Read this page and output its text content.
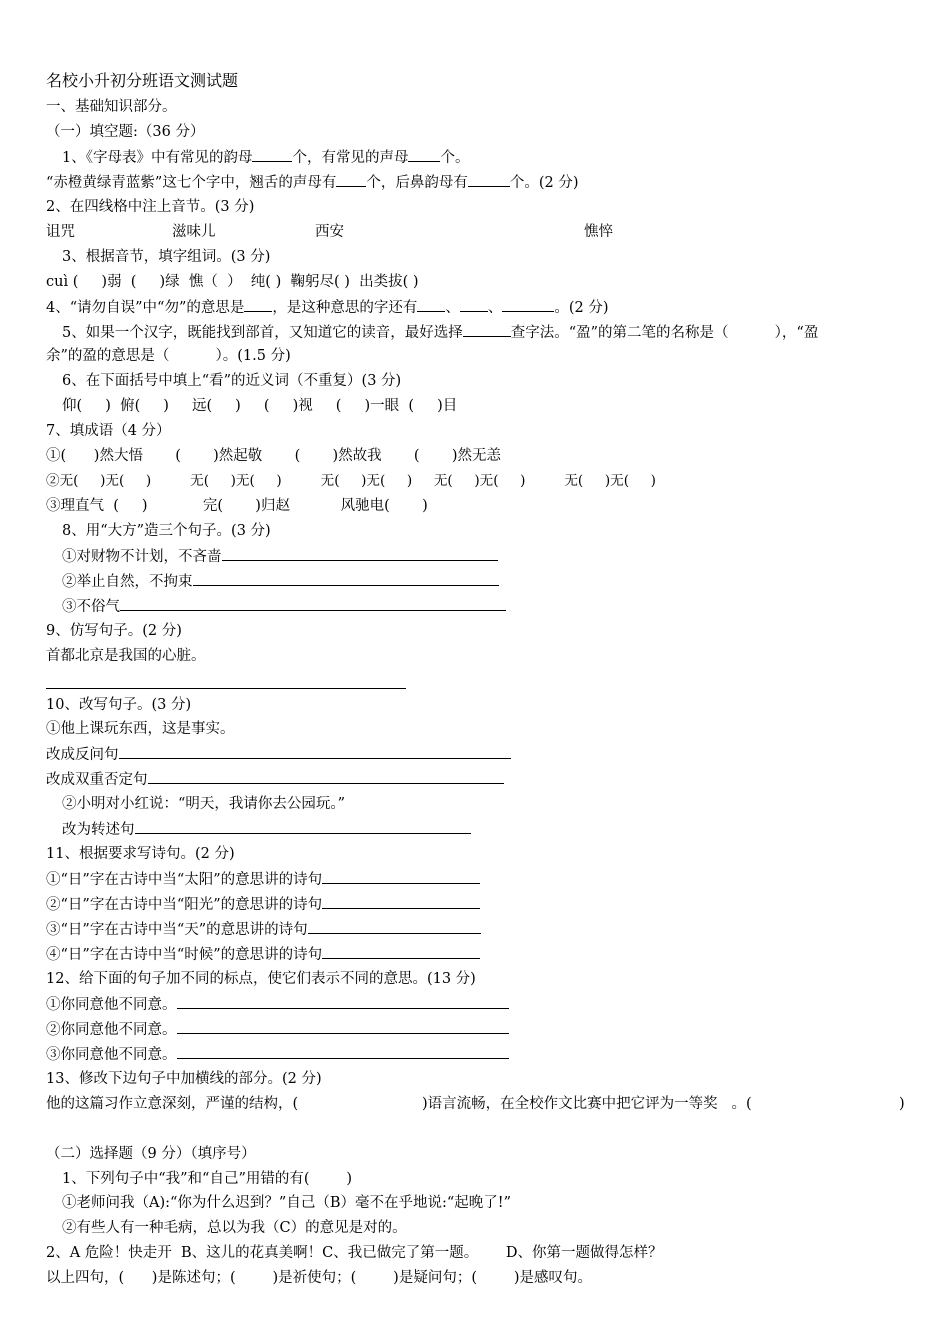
名校小升初分班语文测试题
一、基础知识部分。
（一）填空题:（36 分）
1、《字母表》中有常见的韵母	个，有常见的声母 个。
“赤橙黄绿青蓝紫”这七个字中，翘舌的声母有 个，后鼻韵母有	个。(2 分)
2、在四线格中注上音节。(3 分)
诅咒	滋味儿	西安	憔悴
3、根据音节，填字组词。(3 分)
cuì (     )弱  (     )绿  憔（  ）  纯( )  鞠躬尽( )  出类拔( )
4、“请勿自误”中“勿”的意思是 ，是这种意思的字还有 、 、	。(2 分)
5、如果一个汉字，既能找到部首，又知道它的读音，最好选择	查字法。“盈”的第二笔的名称是（          ），“盈
余”的盈的意思是（          ）。(1.5 分)
6、在下面括号中填上“看”的近义词（不重复）(3 分)
仰(     )  俯(     )     远(     )     (     )视     (     )一眼  (     )目
7、填成语（4 分）
①(      )然大悟       (       )然起敬       (       )然故我       (       )然无恙
②无(     )无(     )         无(     )无(     )         无(     )无(     )     无(     )无(     )         无(     )无(     )
③理直气  (     )            完(       )归赵           风驰电(       )
8、用“大方”造三个句子。(3 分)
①对财物不计划，不吝啬
②举止自然，不拘束
③不俗气
9、仿写句子。(2 分)
首都北京是我国的心脏。
10、改写句子。(3 分)
①他上课玩东西，这是事实。
改成反问句
改成双重否定句
②小明对小红说：“明天，我请你去公园玩。”
改为转述句
11、根据要求写诗句。(2 分)
①“日”字在古诗中当“太阳”的意思讲的诗句
②“日”字在古诗中当“阳光”的意思讲的诗句
③“日”字在古诗中当“天”的意思讲的诗句
④“日”字在古诗中当“时候”的意思讲的诗句
12、给下面的句子加不同的标点，使它们表示不同的意思。(13 分)
①你同意他不同意。
②你同意他不同意。
③你同意他不同意。
13、修改下边句子中加横线的部分。(2 分)
他的这篇习作立意深刻，严谨的结构，(	)语言流畅，在全校作文比赛中把它评为一等奖   。(	)
（二）选择题（9 分）（填序号）
1、下列句子中“我”和“自己”用错的有(        )
①老师问我（A):“你为什么迟到？”自己（B）毫不在乎地说:“起晚了!”
②有些人有一种毛病，总以为我（C）的意见是对的。
2、A 危险！快走开  B、这儿的花真美啊！C、我已做完了第一题。      D、你第一题做得怎样？
以上四句，(      )是陈述句；(        )是祈使句；(        )是疑问句；(        )是感叹句。
